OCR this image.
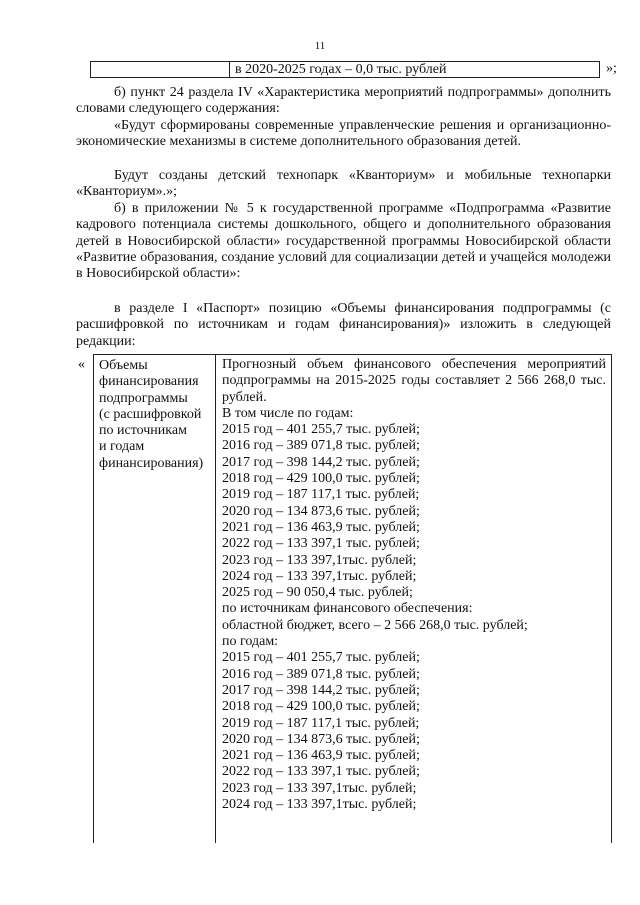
11
в 2020-2025 годах – 0,0 тыс. рублей	»;

б) пункт 24 раздела IV «Характеристика мероприятий подпрограммы» дополнить словами следующего содержания:

«Будут сформированы современные управленческие решения и организационно-экономические механизмы в системе дополнительного образования детей.

Будут созданы детский технопарк «Кванториум» и мобильные технопарки «Кванториум».»;

б) в приложении № 5 к государственной программе «Подпрограмма «Развитие кадрового потенциала системы дошкольного, общего и дополнительного образования детей в Новосибирской области» государственной программы Новосибирской области «Развитие образования, создание условий для социализации детей и учащейся молодежи в Новосибирской области»:

в разделе I «Паспорт» позицию «Объемы финансирования подпрограммы (с расшифровкой по источникам и годам финансирования)» изложить в следующей редакции:

« Объемы
финансирования
подпрограммы
(с расшифровкой
по источникам
и годам
финансирования)

Прогнозный объем финансового обеспечения мероприятий подпрограммы на 2015-2025 годы составляет 2 566 268,0 тыс. рублей.

В том числе по годам:

2015 год – 401 255,7 тыс. рублей;

2016 год – 389 071,8 тыс. рублей;

2017 год – 398 144,2 тыс. рублей;

2018 год – 429 100,0 тыс. рублей;

2019 год – 187 117,1 тыс. рублей;

2020 год – 134 873,6 тыс. рублей;

2021 год – 136 463,9 тыс. рублей;

2022 год – 133 397,1 тыс. рублей;

2023 год – 133 397,1тыс. рублей;

2024 год – 133 397,1тыс. рублей;

2025 год – 90 050,4 тыс. рублей;

по источникам финансового обеспечения:

областной бюджет, всего – 2 566 268,0 тыс. рублей;

по годам:

2015 год – 401 255,7 тыс. рублей;

2016 год – 389 071,8 тыс. рублей;

2017 год – 398 144,2 тыс. рублей;

2018 год – 429 100,0 тыс. рублей;

2019 год – 187 117,1 тыс. рублей;

2020 год – 134 873,6 тыс. рублей;

2021 год – 136 463,9 тыс. рублей;

2022 год – 133 397,1 тыс. рублей;

2023 год – 133 397,1тыс. рублей;

2024 год – 133 397,1тыс. рублей;
